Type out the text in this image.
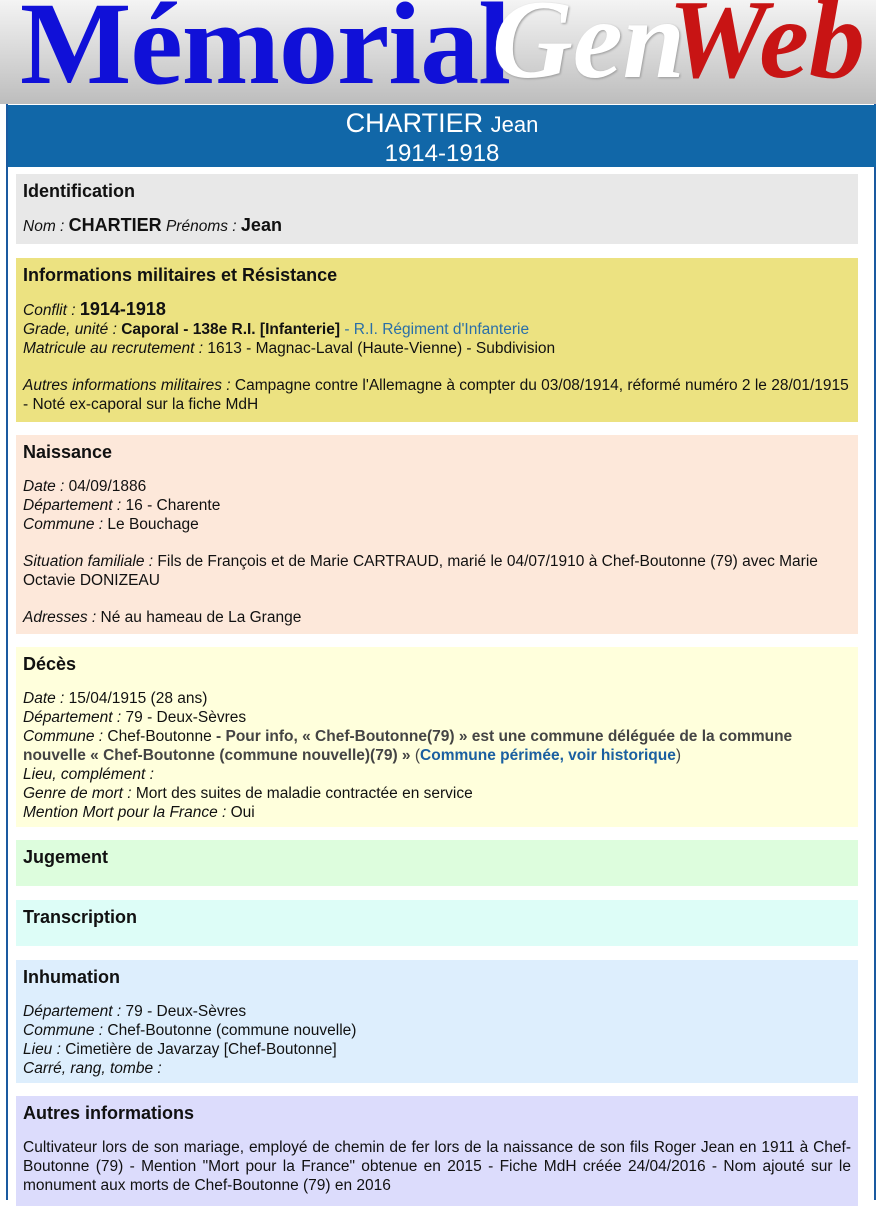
Mémorial
Gen
Web
CHARTIER Jean
1914-1918
Identification
Nom : CHARTIER Prénoms : Jean
Informations militaires et Résistance
Conflit : 1914-1918
Grade, unité : Caporal - 138e R.I. [Infanterie] - R.I. Régiment d'Infanterie
Matricule au recrutement : 1613 - Magnac-Laval (Haute-Vienne) - Subdivision
Autres informations militaires : Campagne contre l'Allemagne à compter du 03/08/1914, réformé numéro 2 le 28/01/1915 - Noté ex-caporal sur la fiche MdH
Naissance
Date : 04/09/1886
Département : 16 - Charente
Commune : Le Bouchage
Situation familiale : Fils de François et de Marie CARTRAUD, marié le 04/07/1910 à Chef-Boutonne (79) avec Marie Octavie DONIZEAU
Adresses : Né au hameau de La Grange
Décès
Date : 15/04/1915 (28 ans)
Département : 79 - Deux-Sèvres
Commune : Chef-Boutonne - Pour info, « Chef-Boutonne(79) » est une commune déléguée de la commune nouvelle « Chef-Boutonne (commune nouvelle)(79) » (Commune périmée, voir historique)
Lieu, complément :
Genre de mort : Mort des suites de maladie contractée en service
Mention Mort pour la France : Oui
Jugement
Transcription
Inhumation
Département : 79 - Deux-Sèvres
Commune : Chef-Boutonne (commune nouvelle)
Lieu : Cimetière de Javarzay [Chef-Boutonne]
Carré, rang, tombe :
Autres informations
Cultivateur lors de son mariage, employé de chemin de fer lors de la naissance de son fils Roger Jean en 1911 à Chef-Boutonne (79) - Mention "Mort pour la France" obtenue en 2015 - Fiche MdH créée 24/04/2016 - Nom ajouté sur le monument aux morts de Chef-Boutonne (79) en 2016
